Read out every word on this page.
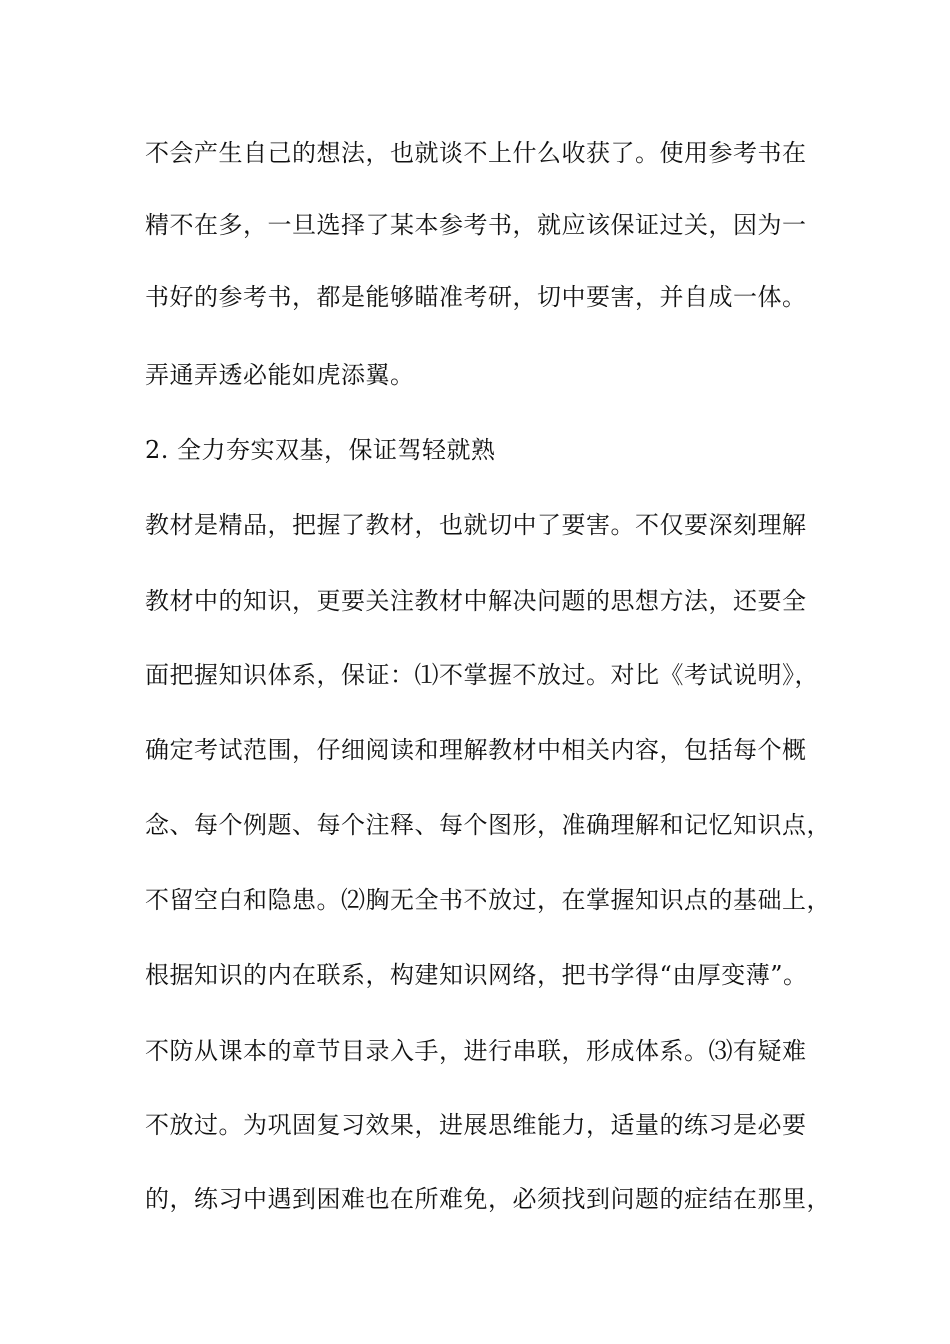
不会产生自己的想法，也就谈不上什么收获了。使用参考书在
精不在多，一旦选择了某本参考书，就应该保证过关，因为一
书好的参考书，都是能够瞄准考研，切中要害，并自成一体。
弄通弄透必能如虎添翼。
2. 全力夯实双基，保证驾轻就熟
教材是精品，把握了教材，也就切中了要害。不仅要深刻理解
教材中的知识，更要关注教材中解决问题的思想方法，还要全
面把握知识体系，保证：⑴不掌握不放过。对比《考试说明》，
确定考试范围，仔细阅读和理解教材中相关内容，包括每个概
念、每个例题、每个注释、每个图形，准确理解和记忆知识点，
不留空白和隐患。⑵胸无全书不放过，在掌握知识点的基础上，
根据知识的内在联系，构建知识网络，把书学得“由厚变薄”。
不防从课本的章节目录入手，进行串联，形成体系。⑶有疑难
不放过。为巩固复习效果，进展思维能力，适量的练习是必要
的，练习中遇到困难也在所难免，必须找到问题的症结在那里，
